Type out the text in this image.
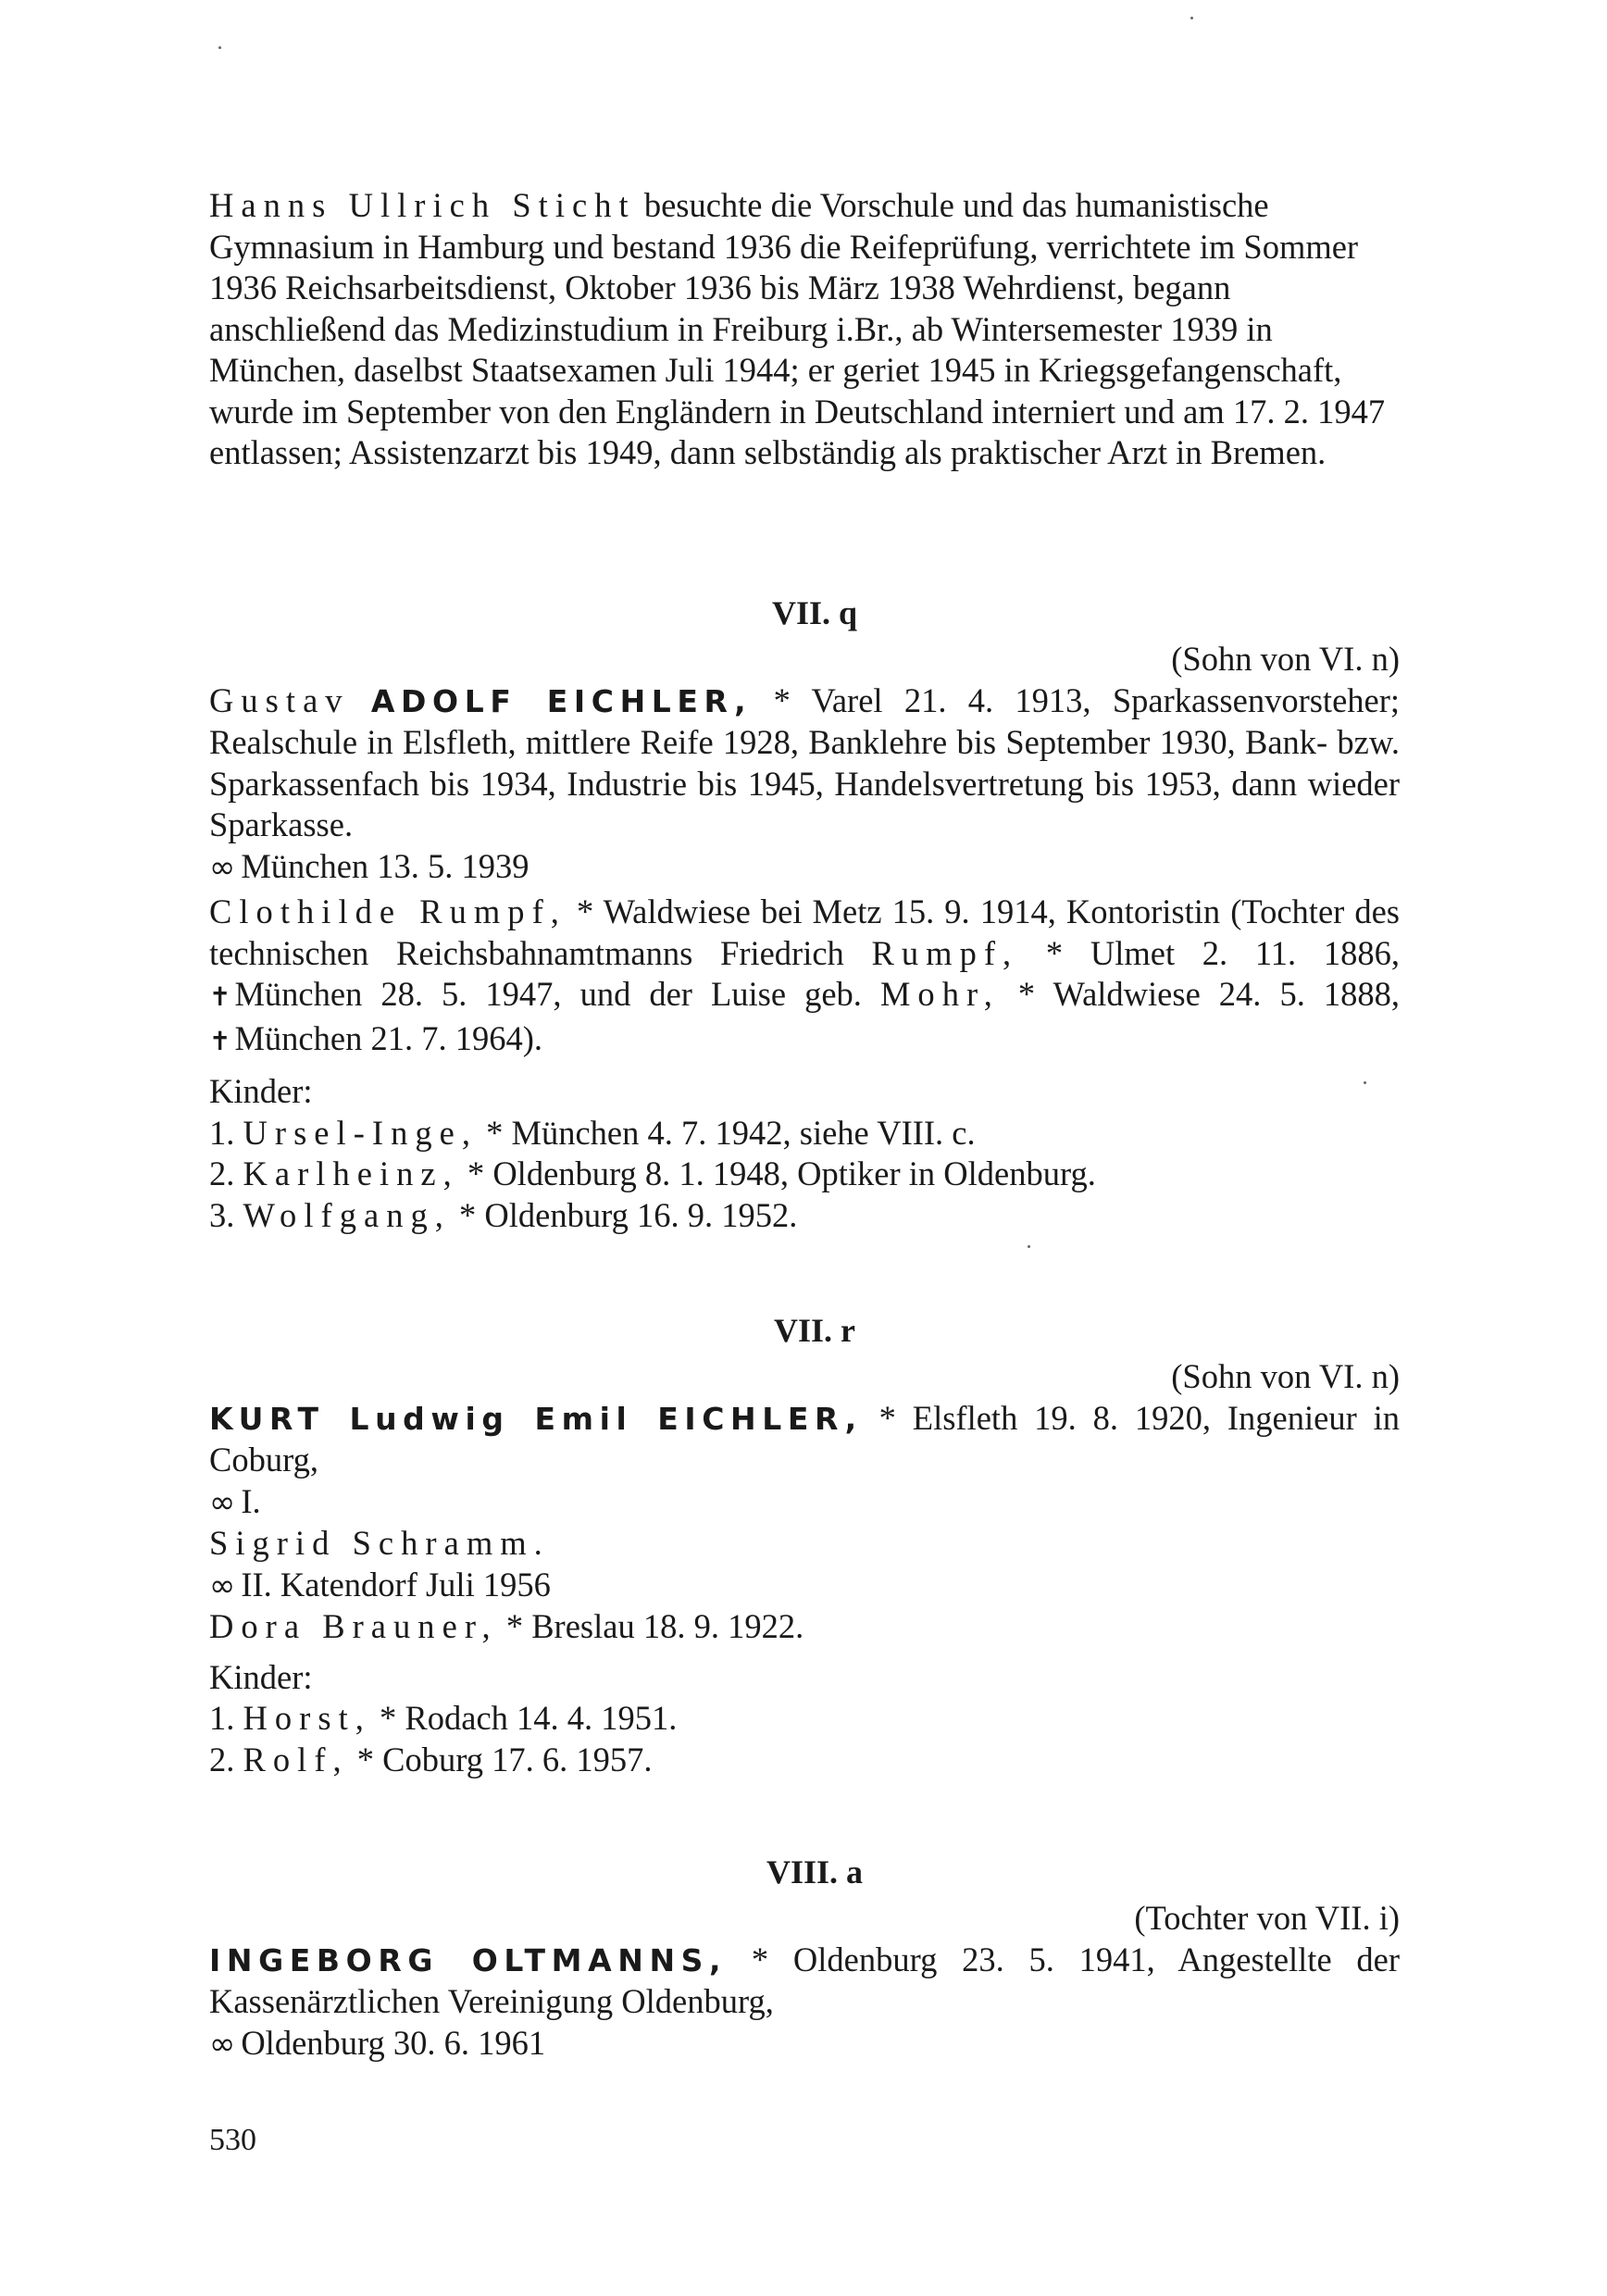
Hanns Ullrich Sticht besuchte die Vorschule und das humanistische Gymnasium in Hamburg und bestand 1936 die Reifeprüfung, verrichtete im Sommer 1936 Reichsarbeitsdienst, Oktober 1936 bis März 1938 Wehrdienst, begann anschließend das Medizinstudium in Freiburg i.Br., ab Wintersemester 1939 in München, daselbst Staatsexamen Juli 1944; er geriet 1945 in Kriegsgefangenschaft, wurde im September von den Engländern in Deutschland interniert und am 17. 2. 1947 entlassen; Assistenzarzt bis 1949, dann selbständig als praktischer Arzt in Bremen.

VII. q

(Sohn von VI. n)

Gustav ADOLF EICHLER, * Varel 21. 4. 1913, Sparkassenvorsteher; Realschule in Elsfleth, mittlere Reife 1928, Banklehre bis September 1930, Bank- bzw. Sparkassenfach bis 1934, Industrie bis 1945, Handelsvertretung bis 1953, dann wieder Sparkasse.

∞ München 13. 5. 1939

Clothilde Rumpf, * Waldwiese bei Metz 15. 9. 1914, Kontoristin (Tochter des technischen Reichsbahnamtmanns Friedrich Rumpf, * Ulmet 2. 11. 1886, ✝ München 28. 5. 1947, und der Luise geb. Mohr, * Waldwiese 24. 5. 1888, ✝ München 21. 7. 1964).

Kinder:

1. Ursel-Inge, * München 4. 7. 1942, siehe VIII. c.

2. Karlheinz, * Oldenburg 8. 1. 1948, Optiker in Oldenburg.

3. Wolfgang, * Oldenburg 16. 9. 1952.

VII. r

(Sohn von VI. n)

KURT Ludwig Emil EICHLER, * Elsfleth 19. 8. 1920, Ingenieur in Coburg,

∞ I.

Sigrid Schramm.

∞ II. Katendorf Juli 1956

Dora Brauner, * Breslau 18. 9. 1922.

Kinder:

1. Horst, * Rodach 14. 4. 1951.

2. Rolf, * Coburg 17. 6. 1957.

VIII. a

(Tochter von VII. i)

INGEBORG OLTMANNS, * Oldenburg 23. 5. 1941, Angestellte der Kassenärztlichen Vereinigung Oldenburg,

∞ Oldenburg 30. 6. 1961

530
